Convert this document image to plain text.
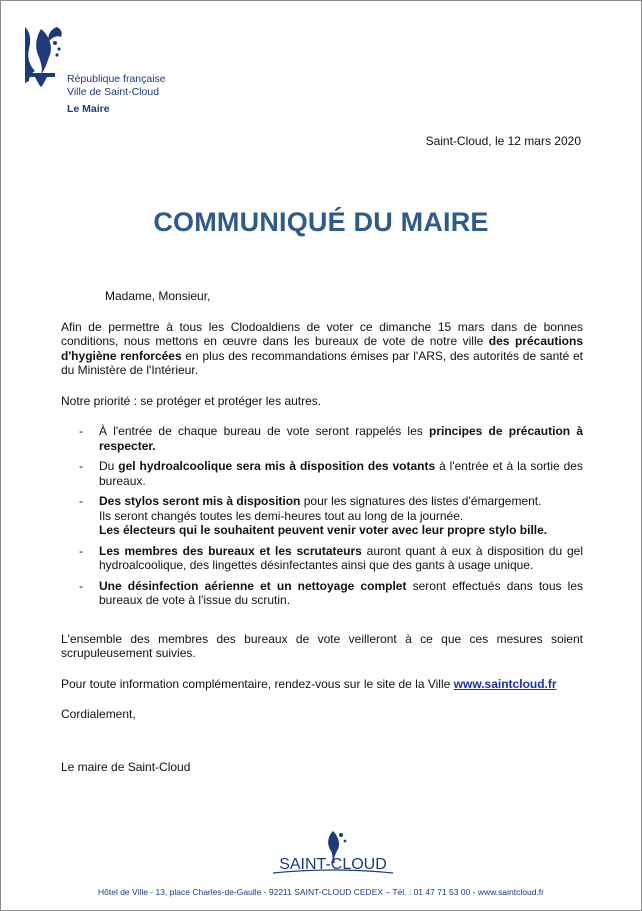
République française
Ville de Saint-Cloud
Le Maire
Saint-Cloud, le 12 mars 2020
COMMUNIQUÉ DU MAIRE

Madame, Monsieur,

Afin de permettre à tous les Clodoaldiens de voter ce dimanche 15 mars dans de bonnes conditions, nous mettons en œuvre dans les bureaux de vote de notre ville des précautions d'hygiène renforcées en plus des recommandations émises par l'ARS, des autorités de santé et du Ministère de l'Intérieur.

Notre priorité : se protéger et protéger les autres.

- À l'entrée de chaque bureau de vote seront rappelés les principes de précaution à respecter.
- Du gel hydroalcoolique sera mis à disposition des votants à l'entrée et à la sortie des bureaux.
- Des stylos seront mis à disposition pour les signatures des listes d'émargement.
Ils seront changés toutes les demi-heures tout au long de la journée.
Les électeurs qui le souhaitent peuvent venir voter avec leur propre stylo bille.
- Les membres des bureaux et les scrutateurs auront quant à eux à disposition du gel hydroalcoolique, des lingettes désinfectantes ainsi que des gants à usage unique.
- Une désinfection aérienne et un nettoyage complet seront effectués dans tous les bureaux de vote à l'issue du scrutin.

L'ensemble des membres des bureaux de vote veilleront à ce que ces mesures soient scrupuleusement suivies.

Pour toute information complémentaire, rendez-vous sur le site de la Ville www.saintcloud.fr

Cordialement,

Le maire de Saint-Cloud

SAINT-CLOUD
Hôtel de Ville - 13, place Charles-de-Gaulle - 92211 SAINT-CLOUD CEDEX – Tél. : 01 47 71 53 00 - www.saintcloud.fr
